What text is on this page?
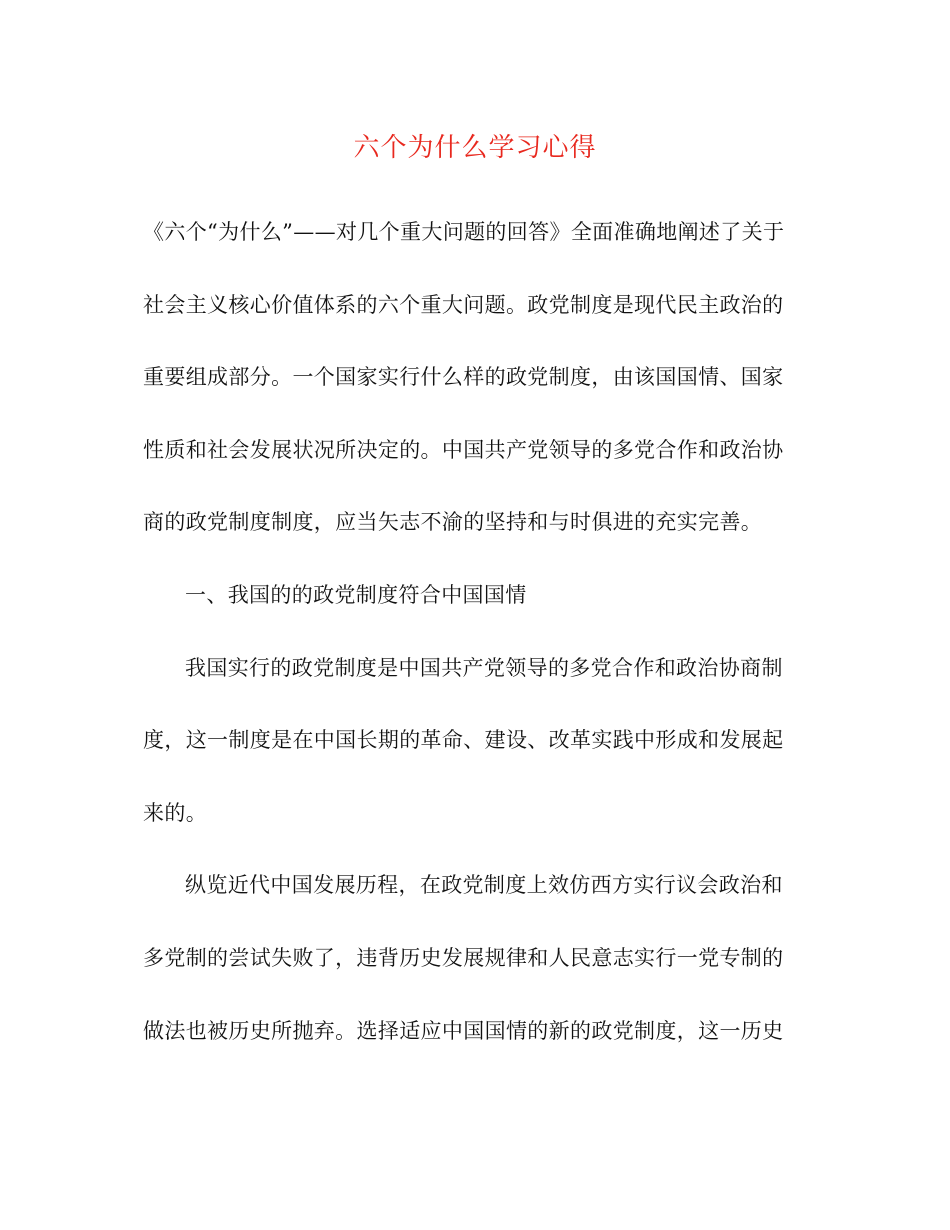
六个为什么学习心得
《六个“为什么”——对几个重大问题的回答》全面准确地阐述了关于
社会主义核心价值体系的六个重大问题。政党制度是现代民主政治的
重要组成部分。一个国家实行什么样的政党制度，由该国国情、国家
性质和社会发展状况所决定的。中国共产党领导的多党合作和政治协
商的政党制度制度，应当矢志不渝的坚持和与时俱进的充实完善。
一、我国的的政党制度符合中国国情
我国实行的政党制度是中国共产党领导的多党合作和政治协商制
度，这一制度是在中国长期的革命、建设、改革实践中形成和发展起
来的。
纵览近代中国发展历程，在政党制度上效仿西方实行议会政治和
多党制的尝试失败了，违背历史发展规律和人民意志实行一党专制的
做法也被历史所抛弃。选择适应中国国情的新的政党制度，这一历史
